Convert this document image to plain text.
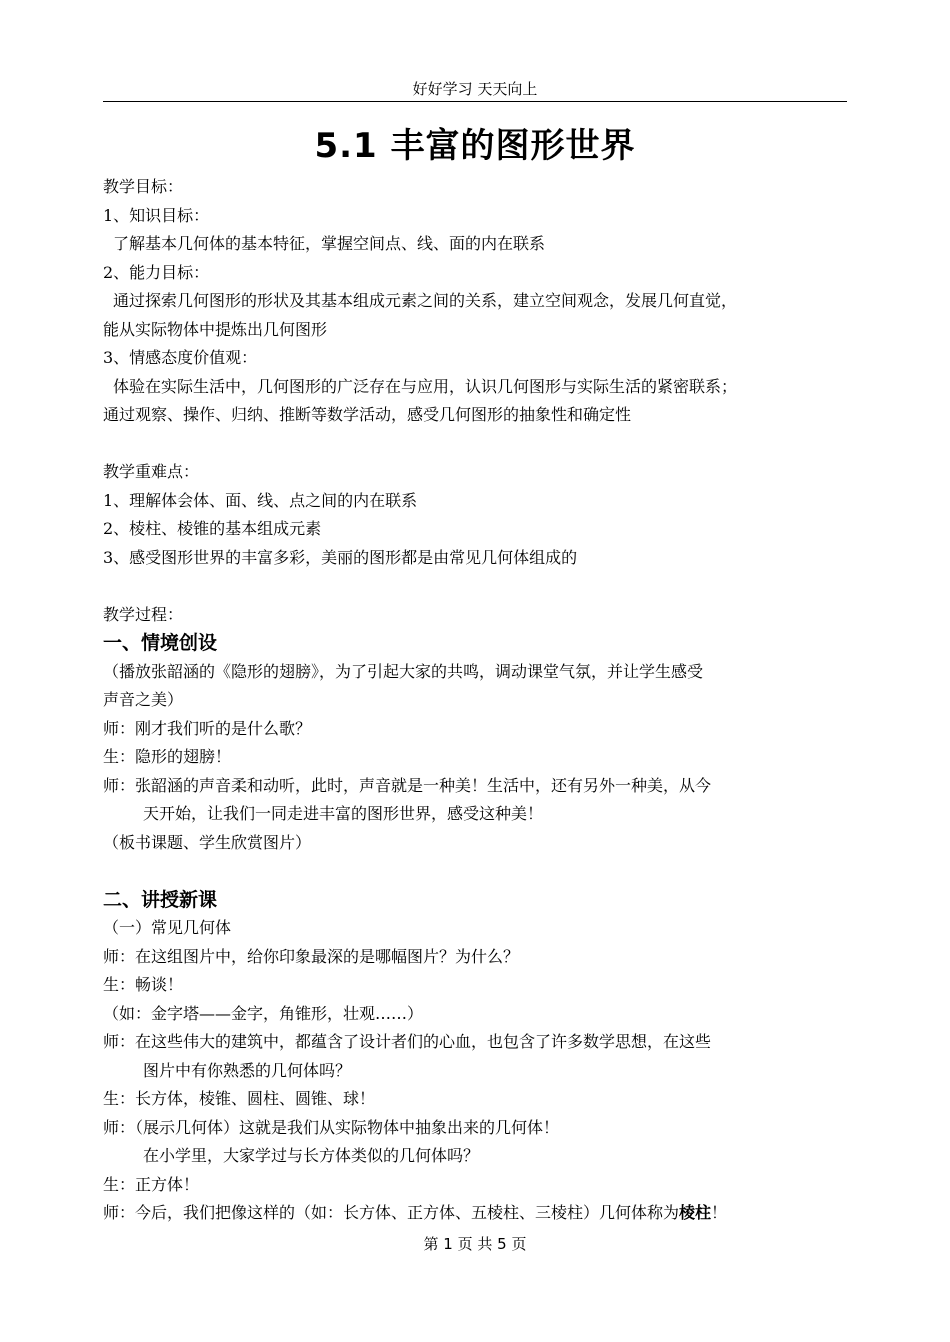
好好学习 天天向上
5.1 丰富的图形世界
教学目标：
1、知识目标：
了解基本几何体的基本特征，掌握空间点、线、面的内在联系
2、能力目标：
通过探索几何图形的形状及其基本组成元素之间的关系，建立空间观念，发展几何直觉，
能从实际物体中提炼出几何图形
3、情感态度价值观：
体验在实际生活中，几何图形的广泛存在与应用，认识几何图形与实际生活的紧密联系；
通过观察、操作、归纳、推断等数学活动，感受几何图形的抽象性和确定性
教学重难点：
1、理解体会体、面、线、点之间的内在联系
2、棱柱、棱锥的基本组成元素
3、感受图形世界的丰富多彩，美丽的图形都是由常见几何体组成的
教学过程：
一、情境创设
（播放张韶涵的《隐形的翅膀》，为了引起大家的共鸣，调动课堂气氛，并让学生感受
声音之美）
师：刚才我们听的是什么歌？
生：隐形的翅膀！
师：张韶涵的声音柔和动听，此时，声音就是一种美！生活中，还有另外一种美，从今
天开始，让我们一同走进丰富的图形世界，感受这种美！
（板书课题、学生欣赏图片）
二、讲授新课
（一）常见几何体
师：在这组图片中，给你印象最深的是哪幅图片？为什么？
生：畅谈！
（如：金字塔——金字，角锥形，壮观……）
师：在这些伟大的建筑中，都蕴含了设计者们的心血，也包含了许多数学思想，在这些
图片中有你熟悉的几何体吗？
生：长方体，棱锥、圆柱、圆锥、球！
师：（展示几何体）这就是我们从实际物体中抽象出来的几何体！
在小学里，大家学过与长方体类似的几何体吗？
生：正方体！
师：今后，我们把像这样的（如：长方体、正方体、五棱柱、三棱柱）几何体称为棱柱！
第 1 页 共 5 页
